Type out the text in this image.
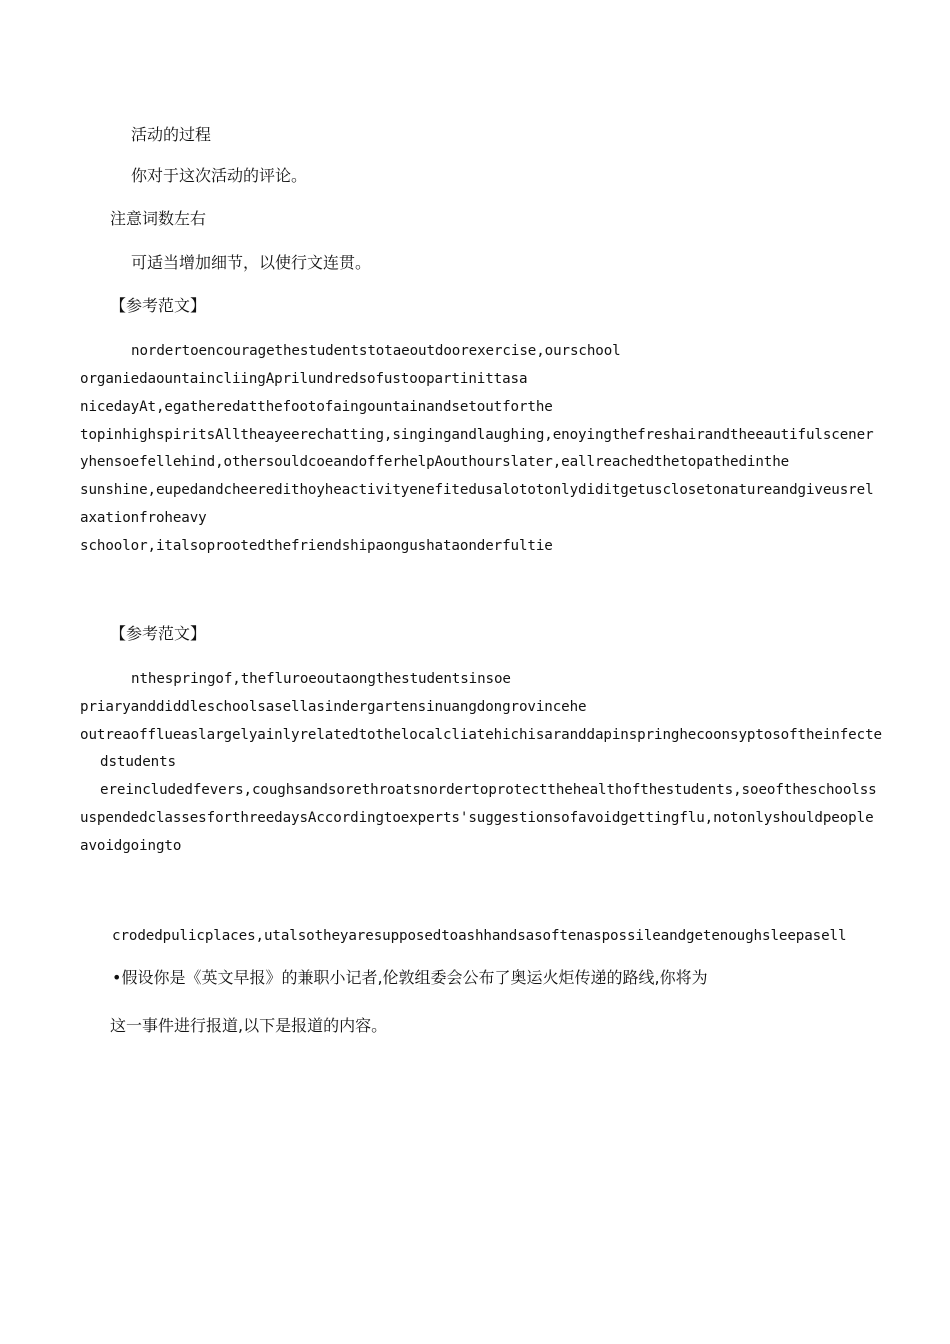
活动的过程

你对于这次活动的评论。

注意词数左右

可适当增加细节，以使行文连贯。

【参考范文】

nordertoencouragethestudentstotaeoutdoorexercise,ourschool

organiedaountaincliingAprilundredsofustoopartinittasa

nicedayAt,egatheredatthefootofaingountainandsetoutforthe

topinhighspiritsAlltheayeerechatting,singingandlaughing,enoyingthefreshairandtheeautifulscener

yhensoefellehind,othersouldcoeandofferhelpAouthourslater,eallreachedthetopathedinthe

sunshine,eupedandcheeredithoyheactivityenefitedusalototonlydiditgetusclosetonatureandgiveusrel

axationfroheavy

schoolor,italsoprootedthefriendshipaongushataonderfultie

【参考范文】

nthespringof,thefluroeoutaongthestudentsinsoe

priaryanddiddleschoolsasellasindergartensinuangdongrovincehe

outreaofflueaslargelyainlyrelatedtothelocalcliatehichisaranddapinspringhecoonsyptosoftheinfecte

dstudents

ereincludedfevers,coughsandsorethroatsnordertoprotectthehealthofthestudents,soeoftheschoolss

uspendedclassesforthreedaysAccordingtoexperts'suggestionsofavoidgettingflu,notonlyshouldpeople

avoidgoingto

crodedpulicplaces,utalsotheyaresupposedtoashhandsasoftenaspossileandgetenoughsleepasell

•假设你是《英文早报》的兼职小记者,伦敦组委会公布了奥运火炬传递的路线,你将为

这一事件进行报道,以下是报道的内容。
